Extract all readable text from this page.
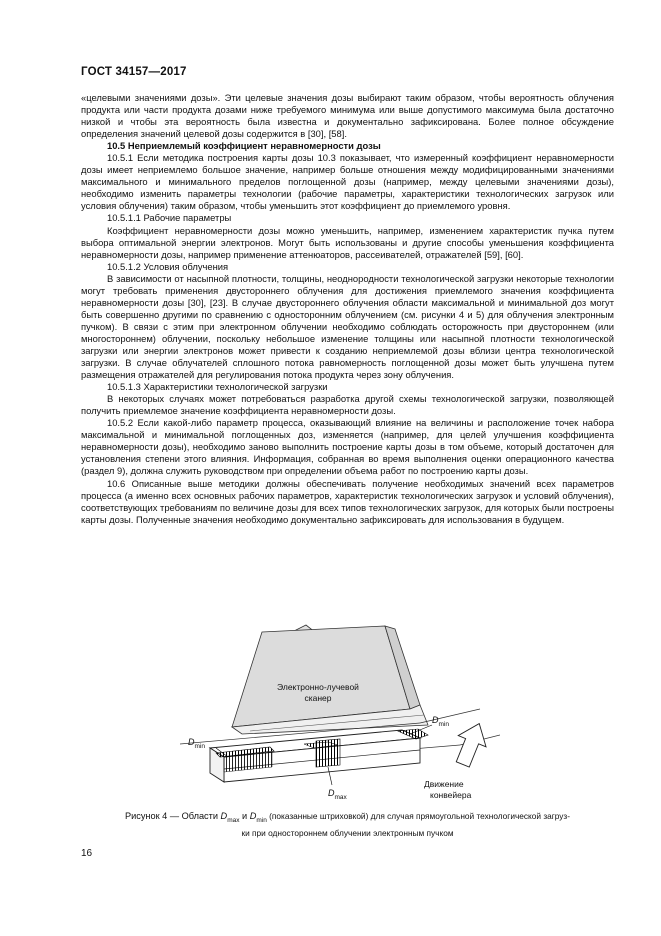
ГОСТ 34157—2017

«целевыми значениями дозы». Эти целевые значения дозы выбирают таким образом, чтобы вероятность облучения продукта или части продукта дозами ниже требуемого минимума или выше допустимого максимума была достаточно низкой и чтобы эта вероятность была известна и документально зафиксирована. Более полное обсуждение определения значений целевой дозы содержится в [30], [58].

10.5 Неприемлемый коэффициент неравномерности дозы

10.5.1 Если методика построения карты дозы 10.3 показывает, что измеренный коэффициент неравномерности дозы имеет неприемлемо большое значение, например больше отношения между модифицированными значениями максимального и минимального пределов поглощенной дозы (например, между целевыми значениями дозы), необходимо изменить параметры технологии (рабочие параметры, характеристики технологических загрузок или условия облучения) таким образом, чтобы уменьшить этот коэффициент до приемлемого уровня.

10.5.1.1 Рабочие параметры

Коэффициент неравномерности дозы можно уменьшить, например, изменением характеристик пучка путем выбора оптимальной энергии электронов. Могут быть использованы и другие способы уменьшения коэффициента неравномерности дозы, например применение аттенюаторов, рассеивателей, отражателей [59], [60].

10.5.1.2 Условия облучения

В зависимости от насыпной плотности, толщины, неоднородности технологической загрузки некоторые технологии могут требовать применения двустороннего облучения для достижения приемлемого значения коэффициента неравномерности дозы [30], [23]. В случае двустороннего облучения области максимальной и минимальной доз могут быть совершенно другими по сравнению с односторонним облучением (см. рисунки 4 и 5) для облучения электронным пучком). В связи с этим при электронном облучении необходимо соблюдать осторожность при двустороннем (или многостороннем) облучении, поскольку небольшое изменение толщины или насыпной плотности технологической загрузки или энергии электронов может привести к созданию неприемлемой дозы вблизи центра технологической загрузки. В случае облучателей сплошного потока равномерность поглощенной дозы может быть улучшена путем размещения отражателей для регулирования потока продукта через зону облучения.

10.5.1.3 Характеристики технологической загрузки

В некоторых случаях может потребоваться разработка другой схемы технологической загрузки, позволяющей получить приемлемое значение коэффициента неравномерности дозы.

10.5.2 Если какой-либо параметр процесса, оказывающий влияние на величины и расположение точек набора максимальной и минимальной поглощенных доз, изменяется (например, для целей улучшения коэффициента неравномерности дозы), необходимо заново выполнить построение карты дозы в том объеме, который достаточен для установления степени этого влияния. Информация, собранная во время выполнения оценки операционного качества (раздел 9), должна служить руководством при определении объема работ по построению карты дозы.

10.6 Описанные выше методики должны обеспечивать получение необходимых значений всех параметров процесса (а именно всех основных рабочих параметров, характеристик технологических загрузок и условий облучения), соответствующих требованиям по величине дозы для всех типов технологических загрузок, для которых были построены карты дозы. Полученные значения необходимо документально зафиксировать для использования в будущем.

Электронно-лучевой
сканер
$D_{min}$
$D_{max}$
$D_{min}$
Движение
конвейера
Рисунок 4 — Области $D_{max}$ и $D_{min}$ (показанные штриховкой) для случая прямоугольной технологической загруз-
ки при одностороннем облучении электронным пучком
16
